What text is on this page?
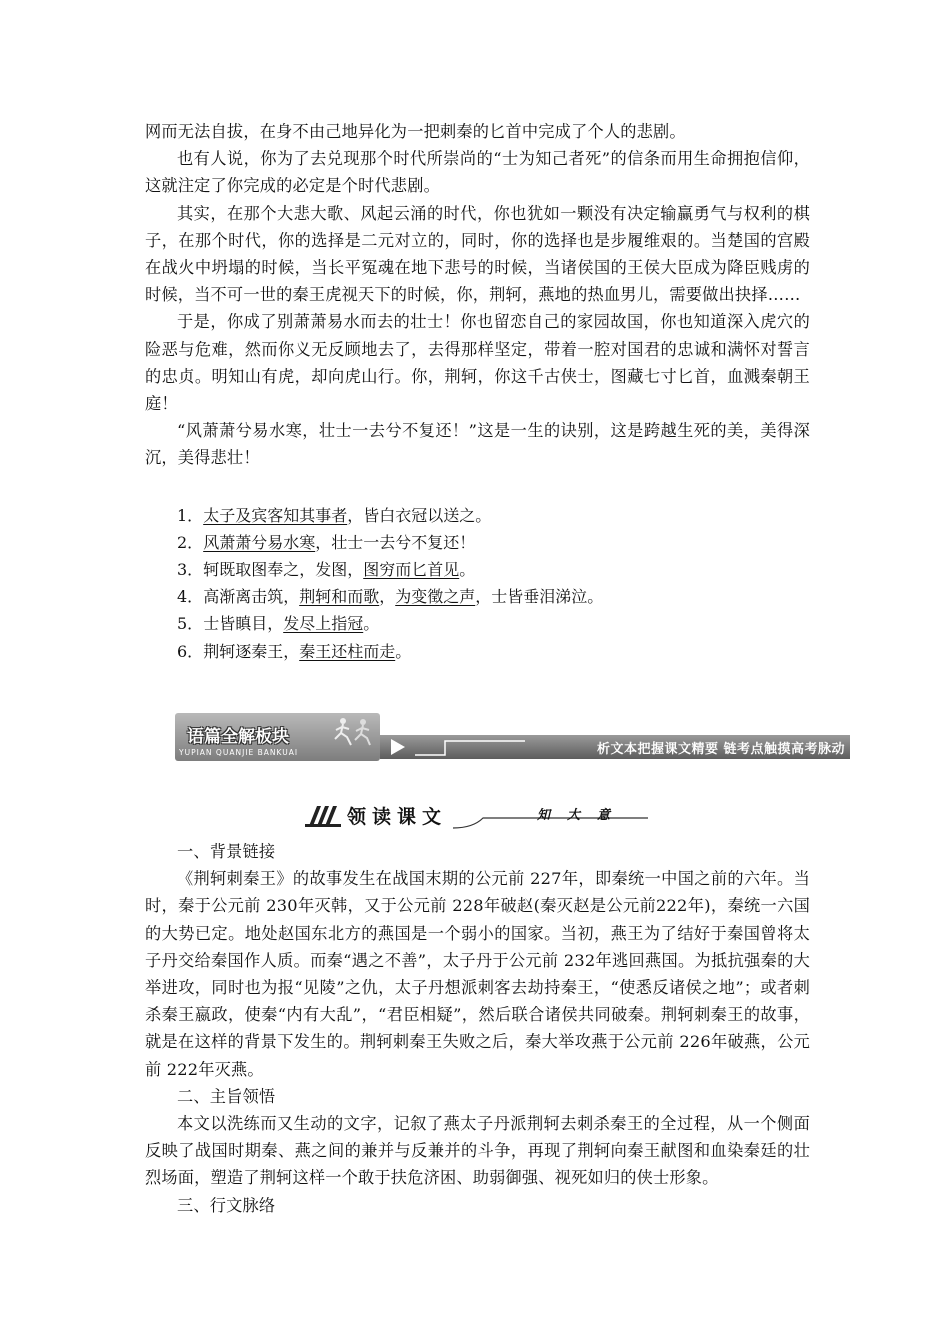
网而无法自拔，在身不由己地异化为一把刺秦的匕首中完成了个人的悲剧。

也有人说，你为了去兑现那个时代所崇尚的“士为知己者死”的信条而用生命拥抱信仰，这就注定了你完成的必定是个时代悲剧。

其实，在那个大悲大歌、风起云涌的时代，你也犹如一颗没有决定输赢勇气与权利的棋子，在那个时代，你的选择是二元对立的，同时，你的选择也是步履维艰的。当楚国的宫殿在战火中坍塌的时候，当长平冤魂在地下悲号的时候，当诸侯国的王侯大臣成为降臣贱虏的时候，当不可一世的秦王虎视天下的时候，你，荆轲，燕地的热血男儿，需要做出抉择……

于是，你成了别萧萧易水而去的壮士！你也留恋自己的家园故国，你也知道深入虎穴的险恶与危难，然而你义无反顾地去了，去得那样坚定，带着一腔对国君的忠诚和满怀对誓言的忠贞。明知山有虎，却向虎山行。你，荆轲，你这千古侠士，图藏七寸匕首，血溅秦朝王庭！

“风萧萧兮易水寒，壮士一去兮不复还！”这是一生的诀别，这是跨越生死的美，美得深沉，美得悲壮！

1．太子及宾客知其事者，皆白衣冠以送之。

2．风萧萧兮易水寒，壮士一去兮不复还！

3．轲既取图奉之，发图，图穷而匕首见。

4．高渐离击筑，荆轲和而歌，为变徵之声，士皆垂泪涕泣。

5．士皆瞋目，发尽上指冠。

6．荆轲逐秦王，秦王还柱而走。

语篇全解板块
YUPIAN QUANJIE BANKUAI	析文本把握课文精要 链考点触摸高考脉动
领读课文	知 大 意

一、背景链接

《荆轲刺秦王》的故事发生在战国末期的公元前 227年，即秦统一中国之前的六年。当时，秦于公元前 230年灭韩，又于公元前 228年破赵(秦灭赵是公元前222年)，秦统一六国的大势已定。地处赵国东北方的燕国是一个弱小的国家。当初，燕王为了结好于秦国曾将太子丹交给秦国作人质。而秦“遇之不善”，太子丹于公元前 232年逃回燕国。为抵抗强秦的大举进攻，同时也为报“见陵”之仇，太子丹想派刺客去劫持秦王，“使悉反诸侯之地”；或者刺杀秦王嬴政，使秦“内有大乱”，“君臣相疑”，然后联合诸侯共同破秦。荆轲刺秦王的故事，就是在这样的背景下发生的。荆轲刺秦王失败之后，秦大举攻燕于公元前 226年破燕，公元前 222年灭燕。

二、主旨领悟

本文以洗练而又生动的文字，记叙了燕太子丹派荆轲去刺杀秦王的全过程，从一个侧面反映了战国时期秦、燕之间的兼并与反兼并的斗争，再现了荆轲向秦王献图和血染秦廷的壮烈场面，塑造了荆轲这样一个敢于扶危济困、助弱御强、视死如归的侠士形象。

三、行文脉络
